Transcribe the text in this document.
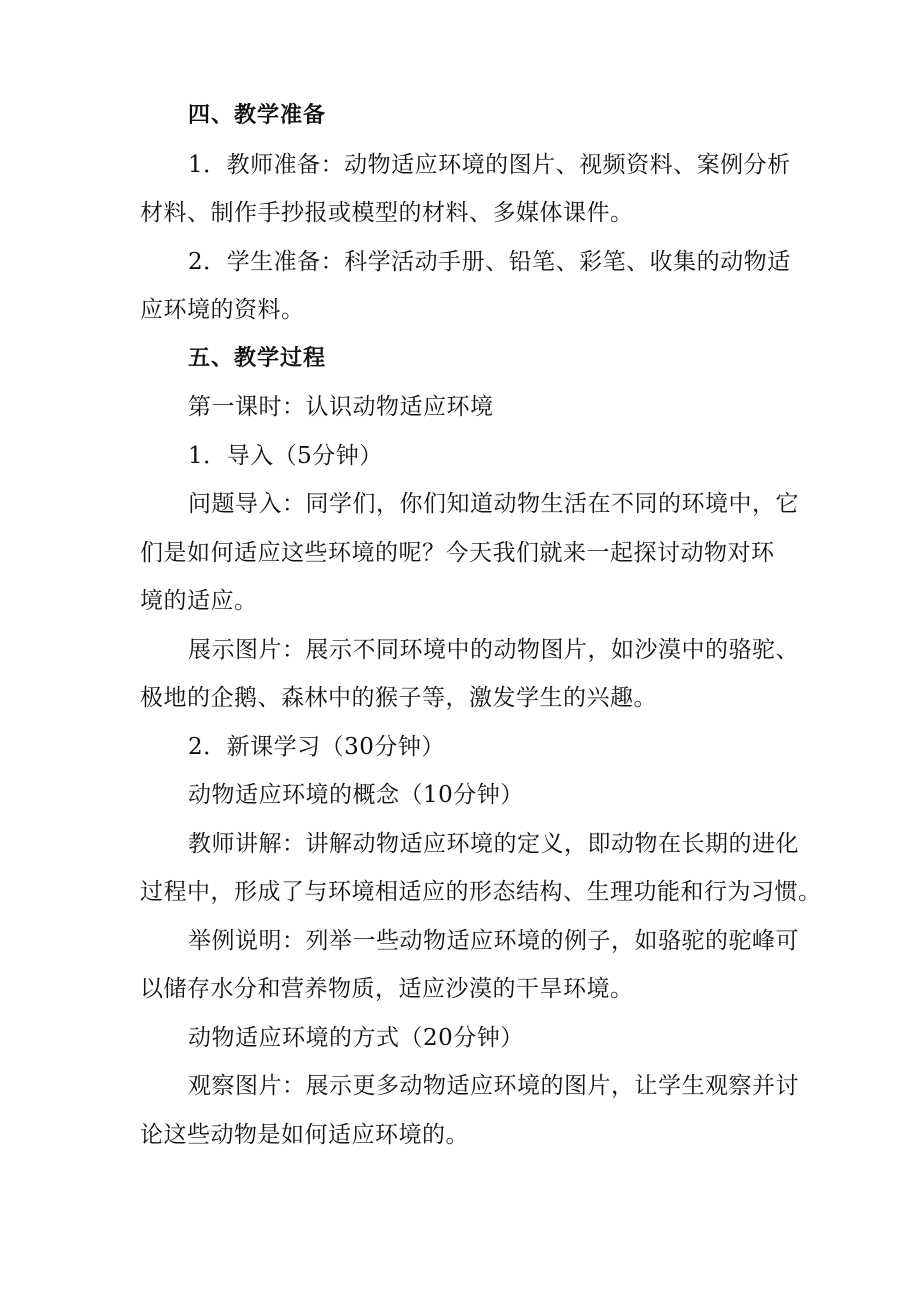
四、教学准备
1．教师准备：动物适应环境的图片、视频资料、案例分析
材料、制作手抄报或模型的材料、多媒体课件。
2．学生准备：科学活动手册、铅笔、彩笔、收集的动物适
应环境的资料。
五、教学过程
第一课时：认识动物适应环境
1．导入（5分钟）
问题导入：同学们，你们知道动物生活在不同的环境中，它
们是如何适应这些环境的呢？今天我们就来一起探讨动物对环
境的适应。
展示图片：展示不同环境中的动物图片，如沙漠中的骆驼、
极地的企鹅、森林中的猴子等，激发学生的兴趣。
2．新课学习（30分钟）
动物适应环境的概念（10分钟）
教师讲解：讲解动物适应环境的定义，即动物在长期的进化
过程中，形成了与环境相适应的形态结构、生理功能和行为习惯。
举例说明：列举一些动物适应环境的例子，如骆驼的驼峰可
以储存水分和营养物质，适应沙漠的干旱环境。
动物适应环境的方式（20分钟）
观察图片：展示更多动物适应环境的图片，让学生观察并讨
论这些动物是如何适应环境的。
